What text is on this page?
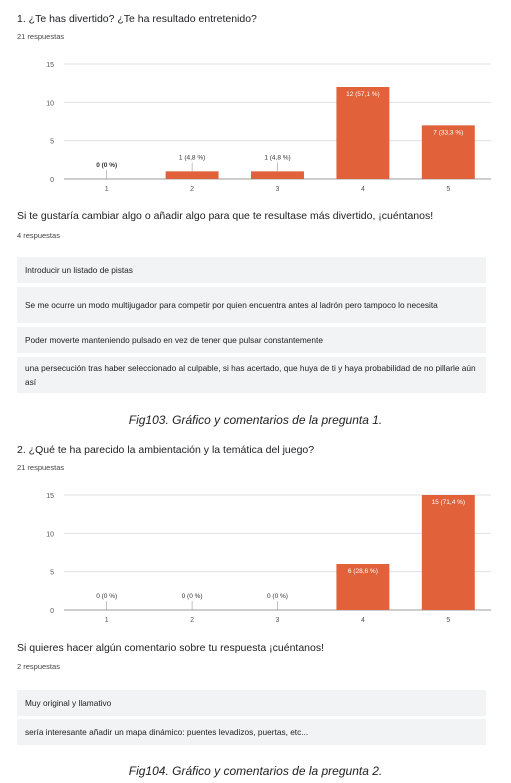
1. ¿Te has divertido? ¿Te ha resultado entretenido?
21 respuestas
0
5
10
15
0 (0 %)
1
1 (4,8 %)
2
1 (4,8 %)
3
12 (57,1 %)
4
7 (33,3 %)
5
Si te gustaría cambiar algo o añadir algo para que te resultase más divertido, ¡cuéntanos!
4 respuestas
Introducir un listado de pistas
Se me ocurre un modo multijugador para competir por quien encuentra antes al ladrón pero tampoco lo necesita
Poder moverte manteniendo pulsado en vez de tener que pulsar constantemente
una persecución tras haber seleccionado al culpable, si has acertado, que huya de ti y haya probabilidad de no pillarle aún así
Fig103. Gráfico y comentarios de la pregunta 1.
2. ¿Qué te ha parecido la ambientación y la temática del juego?
21 respuestas
0
5
10
15
0 (0 %)
1
0 (0 %)
2
0 (0 %)
3
6 (28,6 %)
4
15 (71,4 %)
5
Si quieres hacer algún comentario sobre tu respuesta ¡cuéntanos!
2 respuestas
Muy original y llamativo
sería interesante añadir un mapa dinámico: puentes levadizos, puertas, etc...
Fig104. Gráfico y comentarios de la pregunta 2.
